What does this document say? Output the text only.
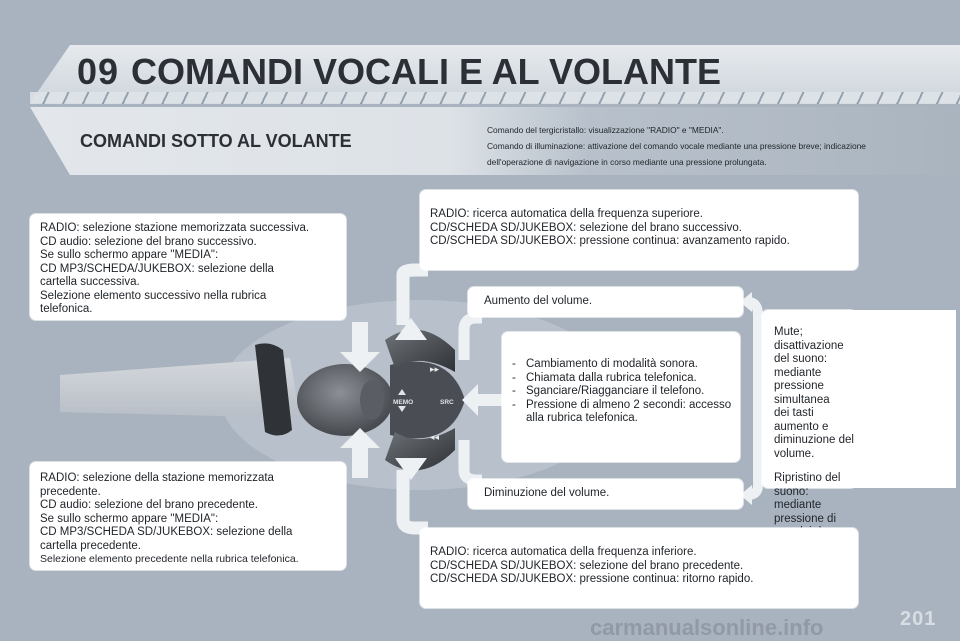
09 COMANDI VOCALI E AL VOLANTE
COMANDI SOTTO AL VOLANTE

Comando del tergicristallo: visualizzazione "RADIO" e "MEDIA".

Comando di illuminazione: attivazione del comando vocale mediante una pressione breve; indicazione

dell'operazione di navigazione in corso mediante una pressione prolungata.

▸▸
◂◂
MEMO	SRC

RADIO: selezione stazione memorizzata successiva.

CD audio: selezione del brano successivo.

Se sullo schermo appare "MEDIA":

CD MP3/SCHEDA/JUKEBOX: selezione della

cartella successiva.

Selezione elemento successivo nella rubrica

telefonica.

RADIO: ricerca automatica della frequenza superiore.

CD/SCHEDA SD/JUKEBOX: selezione del brano successivo.

CD/SCHEDA SD/JUKEBOX: pressione continua: avanzamento rapido.

Aumento del volume.

- Cambiamento di modalità sonora.
- Chiamata dalla rubrica telefonica.
- Sganciare/Riagganciare il telefono.
- Pressione di almeno 2 secondi: accesso alla rubrica telefonica.

Mute; disattivazione
del suono: mediante
pressione simultanea
dei tasti aumento e
diminuzione del volume.

Ripristino del suono:
mediante pressione di

Diminuzione del volume.

RADIO: selezione della stazione memorizzata

precedente.

CD audio: selezione del brano precedente.

Se sullo schermo appare "MEDIA":

CD MP3/SCHEDA SD/JUKEBOX: selezione della

cartella precedente.

Selezione elemento precedente nella rubrica telefonica.

RADIO: ricerca automatica della frequenza inferiore.

CD/SCHEDA SD/JUKEBOX: selezione del brano precedente.

CD/SCHEDA SD/JUKEBOX: pressione continua: ritorno rapido.

carmanualsonline.info	201
